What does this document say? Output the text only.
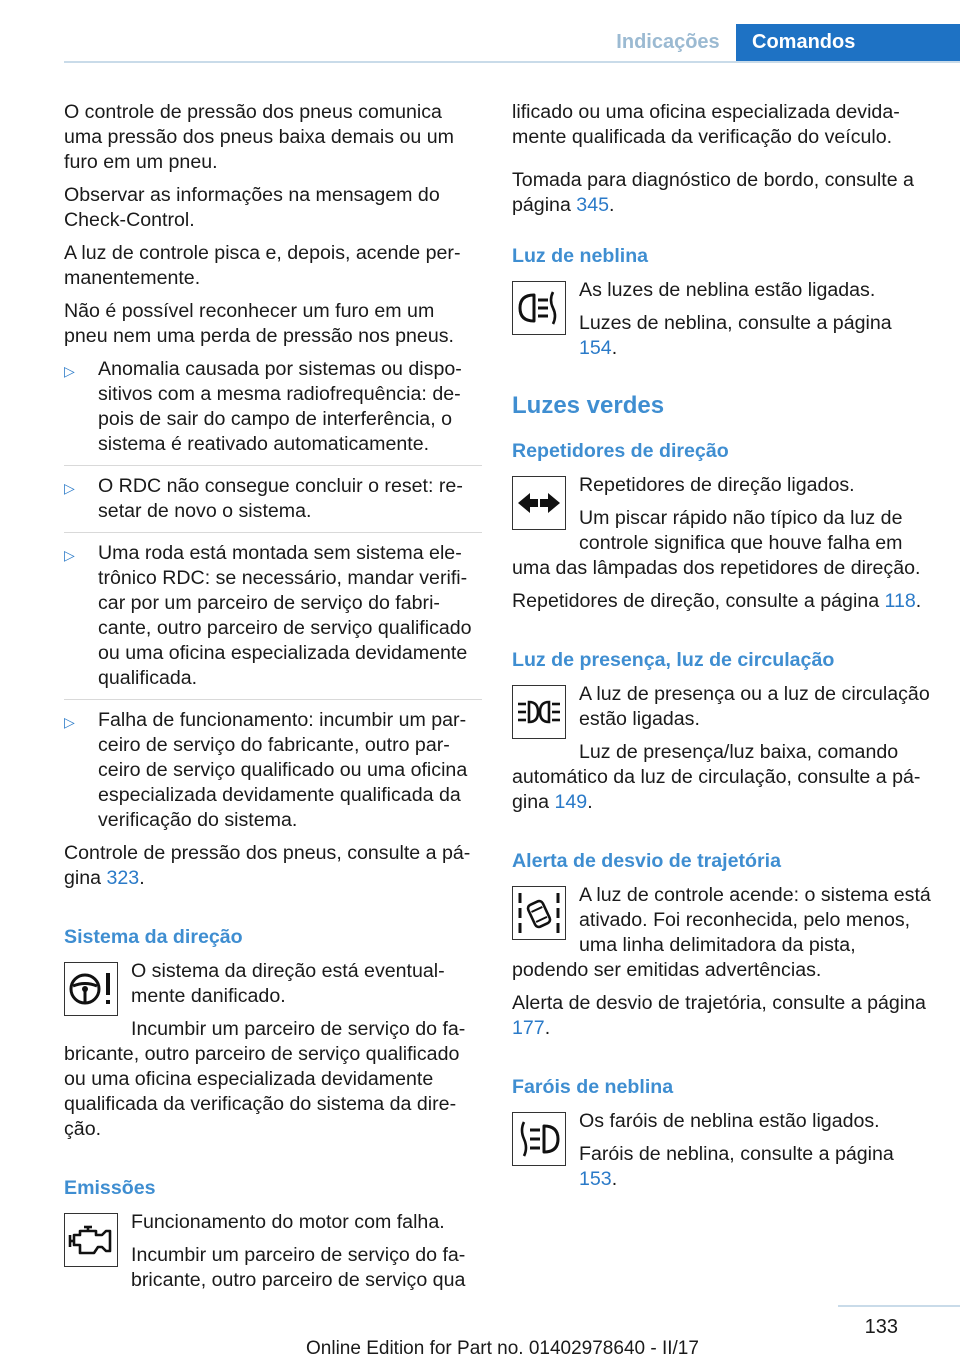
Indicações	Comandos

O controle de pressão dos pneus comunica uma pressão dos pneus baixa demais ou um furo em um pneu.

Observar as informações na mensagem do Check-Control.

A luz de controle pisca e, depois, acende permanentemente.

Não é possível reconhecer um furo em um pneu nem uma perda de pressão nos pneus.

▷ Anomalia causada por sistemas ou dispositivos com a mesma radiofrequência: depois de sair do campo de interferência, o sistema é reativado automaticamente.
▷ O RDC não consegue concluir o reset: resetar de novo o sistema.
▷ Uma roda está montada sem sistema eletrônico RDC: se necessário, mandar verificar por um parceiro de serviço do fabricante, outro parceiro de serviço qualificado ou uma oficina especializada devidamente qualificada.
▷ Falha de funcionamento: incumbir um parceiro de serviço do fabricante, outro parceiro de serviço qualificado ou uma oficina especializada devidamente qualificada da verificação do sistema.

Controle de pressão dos pneus, consulte a página 323.

Sistema da direção

O sistema da direção está eventualmente danificado.

Incumbir um parceiro de serviço do fabricante, outro parceiro de serviço qualificado ou uma oficina especializada devidamente qualificada da verificação do sistema da direção.

Emissões

Funcionamento do motor com falha.

Incumbir um parceiro de serviço do fabricante, outro parceiro de serviço qua

lificado ou uma oficina especializada devidamente qualificada da verificação do veículo.

Tomada para diagnóstico de bordo, consulte a página 345.

Luz de neblina

As luzes de neblina estão ligadas.

Luzes de neblina, consulte a página 154.

Luzes verdes
Repetidores de direção

Repetidores de direção ligados.

Um piscar rápido não típico da luz de controle significa que houve falha em uma das lâmpadas dos repetidores de direção.

Repetidores de direção, consulte a página 118.

Luz de presença, luz de circulação

A luz de presença ou a luz de circulação estão ligadas.

Luz de presença/luz baixa, comando automático da luz de circulação, consulte a página 149.

Alerta de desvio de trajetória

A luz de controle acende: o sistema está ativado. Foi reconhecida, pelo menos, uma linha delimitadora da pista, podendo ser emitidas advertências.

Alerta de desvio de trajetória, consulte a página 177.

Faróis de neblina

Os faróis de neblina estão ligados.

Faróis de neblina, consulte a página 153.

133
Online Edition for Part no. 01402978640 - II/17
